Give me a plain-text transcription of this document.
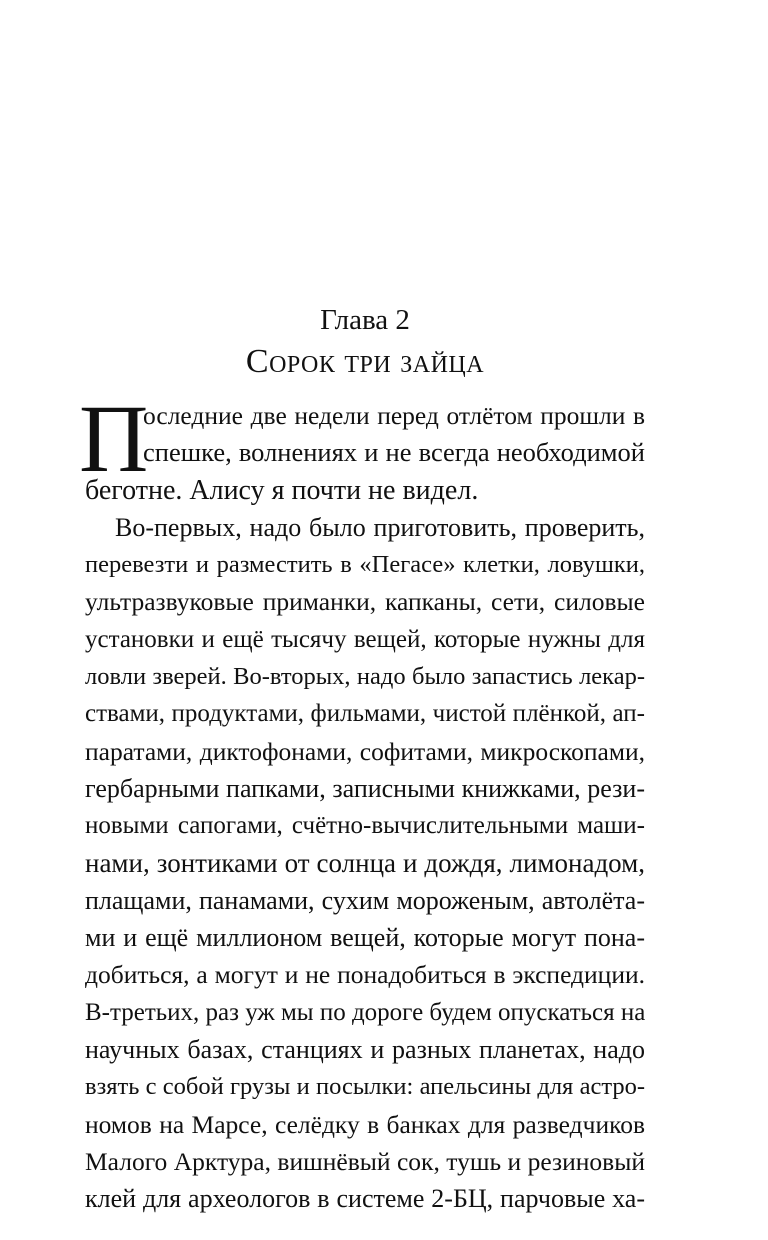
Глава 2
Сорок три зайца
П
оследние две недели перед отлётом прошли в
спешке, волнениях и не всегда необходимой
беготне. Алису я почти не видел.
Во-первых, надо было приготовить, проверить,
перевезти и разместить в «Пегасе» клетки, ловушки,
ультразвуковые приманки, капканы, сети, силовые
установки и ещё тысячу вещей, которые нужны для
ловли зверей. Во-вторых, надо было запастись лекар-
ствами, продуктами, фильмами, чистой плёнкой, ап-
паратами, диктофонами, софитами, микроскопами,
гербарными папками, записными книжками, рези-
новыми сапогами, счётно-вычислительными маши-
нами, зонтиками от солнца и дождя, лимонадом,
плащами, панамами, сухим мороженым, автолёта-
ми и ещё миллионом вещей, которые могут пона-
добиться, а могут и не понадобиться в экспедиции.
В-третьих, раз уж мы по дороге будем опускаться на
научных базах, станциях и разных планетах, надо
взять с собой грузы и посылки: апельсины для астро-
номов на Марсе, селёдку в банках для разведчиков
Малого Арктура, вишнёвый сок, тушь и резиновый
клей для археологов в системе 2-БЦ, парчовые ха-
